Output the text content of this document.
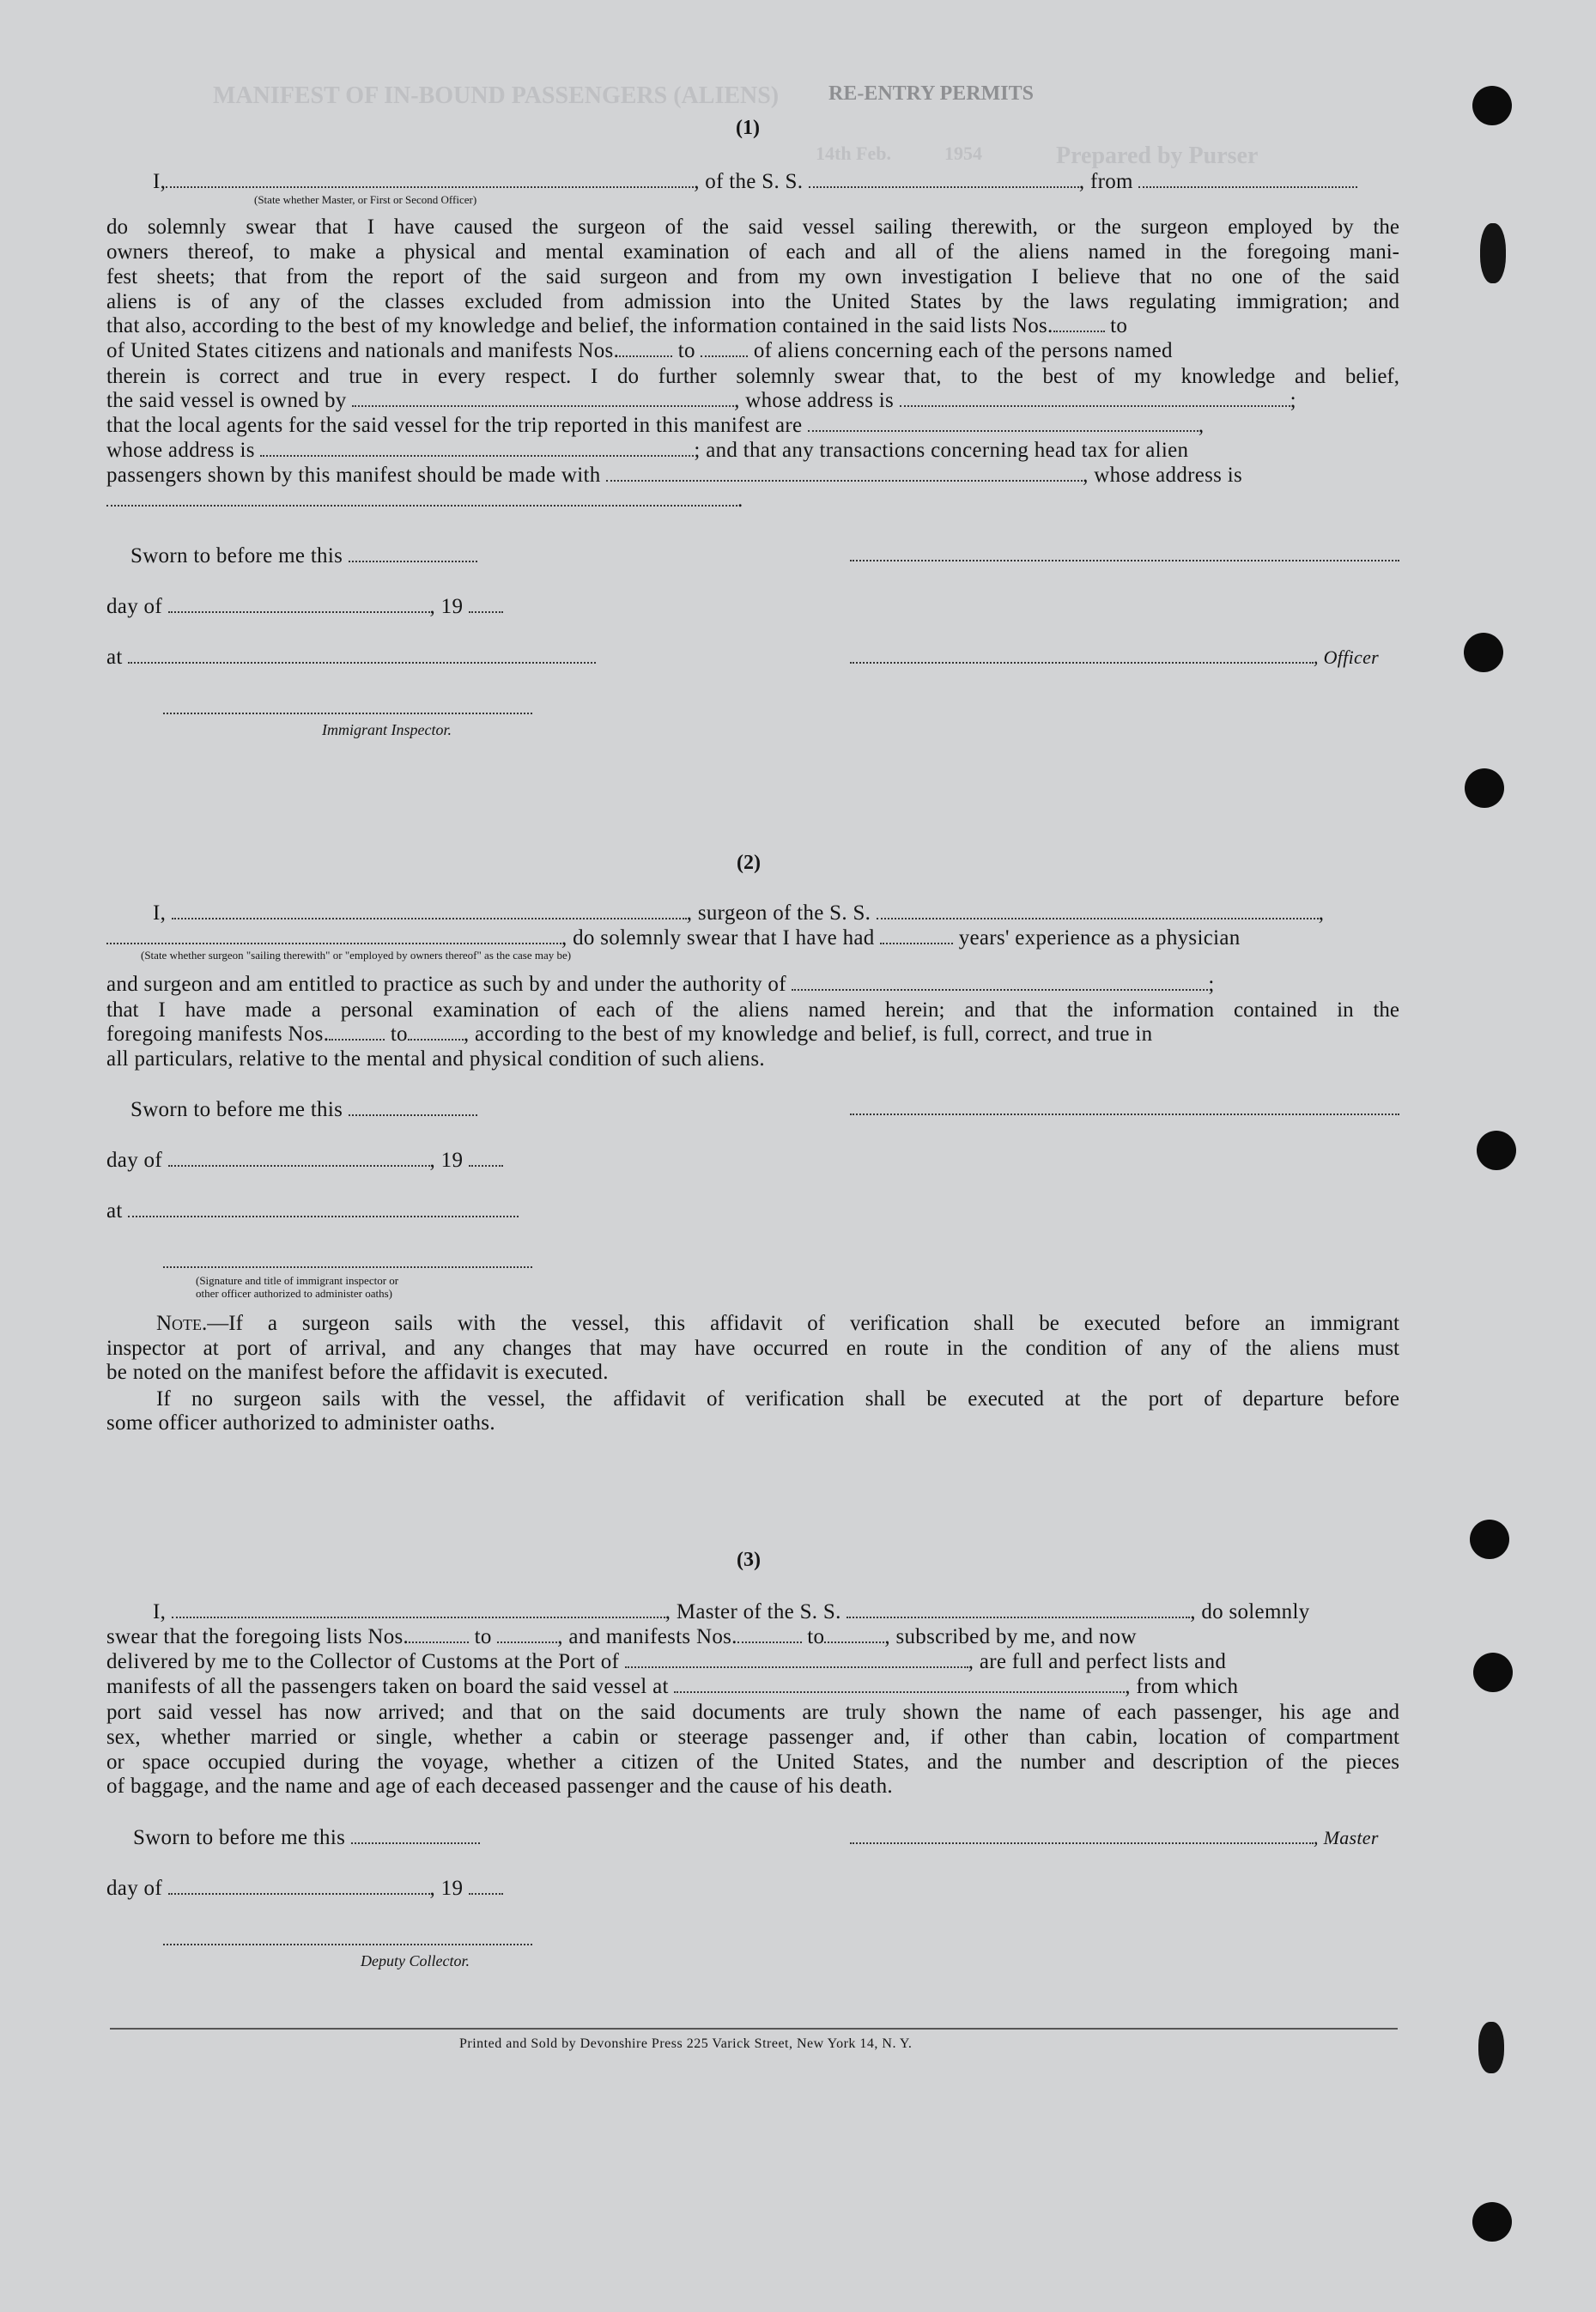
MANIFEST OF IN-BOUND PASSENGERS (ALIENS) RE-ENTRY PERMITS
Prepared by Purser
14th Feb.	1954
(1)
I,	, of the S. S.	, from
(State whether Master, or First or Second Officer)
do solemnly swear that I have caused the surgeon of the said vessel sailing therewith, or the surgeon employed by the
owners thereof, to make a physical and mental examination of each and all of the aliens named in the foregoing mani-
fest sheets; that from the report of the said surgeon and from my own investigation I believe that no one of the said
aliens is of any of the classes excluded from admission into the United States by the laws regulating immigration; and
that also, according to the best of my knowledge and belief, the information contained in the said lists Nos.	to
of United States citizens and nationals and manifests Nos.	to	of aliens concerning each of the persons named
therein is correct and true in every respect. I do further solemnly swear that, to the best of my knowledge and belief,
the said vessel is owned by	, whose address is	;
that the local agents for the said vessel for the trip reported in this manifest are	,
whose address is	; and that any transactions concerning head tax for alien
passengers shown by this manifest should be made with	, whose address is
.
Sworn to before me this
day of	, 19
at	, Officer
Immigrant Inspector.
(2)
I,	, surgeon of the S. S.	,
, do solemnly swear that I have had	years' experience as a physician
(State whether surgeon "sailing therewith" or "employed by owners thereof" as the case may be)
and surgeon and am entitled to practice as such by and under the authority of	;
that I have made a personal examination of each of the aliens named herein; and that the information contained in the
foregoing manifests Nos.	to	, according to the best of my knowledge and belief, is full, correct, and true in
all particulars, relative to the mental and physical condition of such aliens.
Sworn to before me this
day of	, 19
at
(Signature and title of immigrant inspector or
other officer authorized to administer oaths)
Note.—If a surgeon sails with the vessel, this affidavit of verification shall be executed before an immigrant
inspector at port of arrival, and any changes that may have occurred en route in the condition of any of the aliens must
be noted on the manifest before the affidavit is executed.
If no surgeon sails with the vessel, the affidavit of verification shall be executed at the port of departure before
some officer authorized to administer oaths.
(3)
I,	, Master of the S. S.	, do solemnly
swear that the foregoing lists Nos.	to	, and manifests Nos.	to	, subscribed by me, and now
delivered by me to the Collector of Customs at the Port of	, are full and perfect lists and
manifests of all the passengers taken on board the said vessel at	, from which
port said vessel has now arrived; and that on the said documents are truly shown the name of each passenger, his age and
sex, whether married or single, whether a cabin or steerage passenger and, if other than cabin, location of compartment
or space occupied during the voyage, whether a citizen of the United States, and the number and description of the pieces
of baggage, and the name and age of each deceased passenger and the cause of his death.
Sworn to before me this	, Master
day of	, 19
Deputy Collector.
Printed and Sold by Devonshire Press 225 Varick Street, New York 14, N. Y.
